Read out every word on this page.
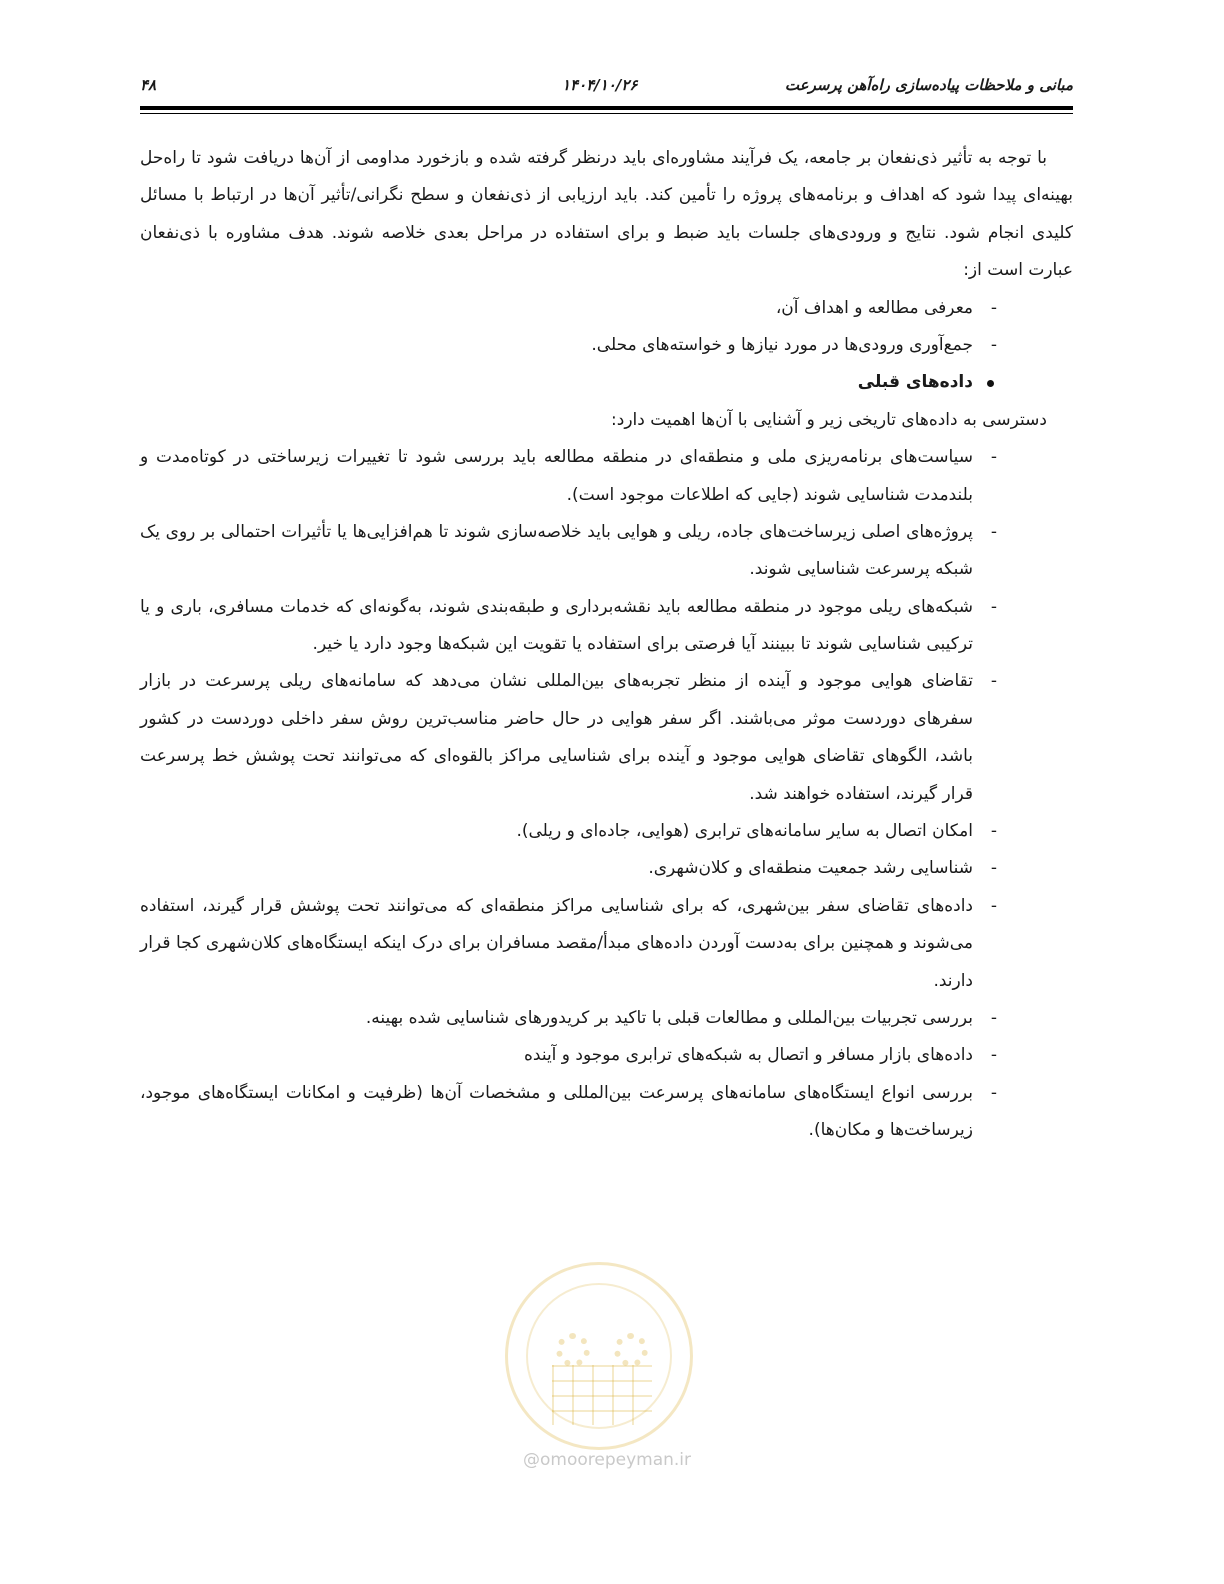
۴۸	۱۴۰۴/۱۰/۲۶	مبانی و ملاحظات پیاده‌سازی راه‌آهن پرسرعت

با توجه به تأثیر ذی‌نفعان بر جامعه، یک فرآیند مشاوره‌ای باید درنظر گرفته شده و بازخورد مداومی از آن‌ها دریافت شود تا راه‌حل بهینه‌ای پیدا شود که اهداف و برنامه‌های پروژه را تأمین کند. باید ارزیابی از ذی‌نفعان و سطح نگرانی/تأثیر آن‌ها در ارتباط با مسائل کلیدی انجام شود. نتایج و ورودی‌های جلسات باید ضبط و برای استفاده در مراحل بعدی خلاصه شوند. هدف مشاوره با ذی‌نفعان عبارت است از:

- معرفی مطالعه و اهداف آن،
- جمع‌آوری ورودی‌ها در مورد نیازها و خواسته‌های محلی.

داده‌های قبلی

دسترسی به داده‌های تاریخی زیر و آشنایی با آن‌ها اهمیت دارد:

- سیاست‌های برنامه‌ریزی ملی و منطقه‌ای در منطقه مطالعه باید بررسی شود تا تغییرات زیرساختی در کوتاه‌مدت و بلندمدت شناسایی شوند (جایی که اطلاعات موجود است).
- پروژه‌های اصلی زیرساخت‌های جاده، ریلی و هوایی باید خلاصه‌سازی شوند تا هم‌افزایی‌ها یا تأثیرات احتمالی بر روی یک شبکه پرسرعت شناسایی شوند.
- شبکه‌های ریلی موجود در منطقه مطالعه باید نقشه‌برداری و طبقه‌بندی شوند، به‌گونه‌ای که خدمات مسافری، باری و یا ترکیبی شناسایی شوند تا ببینند آیا فرصتی برای استفاده یا تقویت این شبکه‌ها وجود دارد یا خیر.
- تقاضای هوایی موجود و آینده از منظر تجربه‌های بین‌المللی نشان می‌دهد که سامانه‌های ریلی پرسرعت در بازار سفرهای دوردست موثر می‌باشند. اگر سفر هوایی در حال حاضر مناسب‌ترین روش سفر داخلی دوردست در کشور باشد، الگوهای تقاضای هوایی موجود و آینده برای شناسایی مراکز بالقوه‌ای که می‌توانند تحت پوشش خط پرسرعت قرار گیرند، استفاده خواهند شد.
- امکان اتصال به سایر سامانه‌های ترابری (هوایی، جاده‌ای و ریلی).
- شناسایی رشد جمعیت منطقه‌ای و کلان‌شهری.
- داده‌های تقاضای سفر بین‌شهری، که برای شناسایی مراکز منطقه‌ای که می‌توانند تحت پوشش قرار گیرند، استفاده می‌شوند و همچنین برای به‌دست آوردن داده‌های مبدأ/مقصد مسافران برای درک اینکه ایستگاه‌های کلان‌شهری کجا قرار دارند.
- بررسی تجربیات بین‌المللی و مطالعات قبلی با تاکید بر کریدورهای شناسایی شده بهینه.
- داده‌های بازار مسافر و اتصال به شبکه‌های ترابری موجود و آینده
- بررسی انواع ایستگاه‌های سامانه‌های پرسرعت بین‌المللی و مشخصات آن‌ها (ظرفیت و امکانات ایستگاه‌های موجود، زیرساخت‌ها و مکان‌ها).
@omoorepeyman.ir
